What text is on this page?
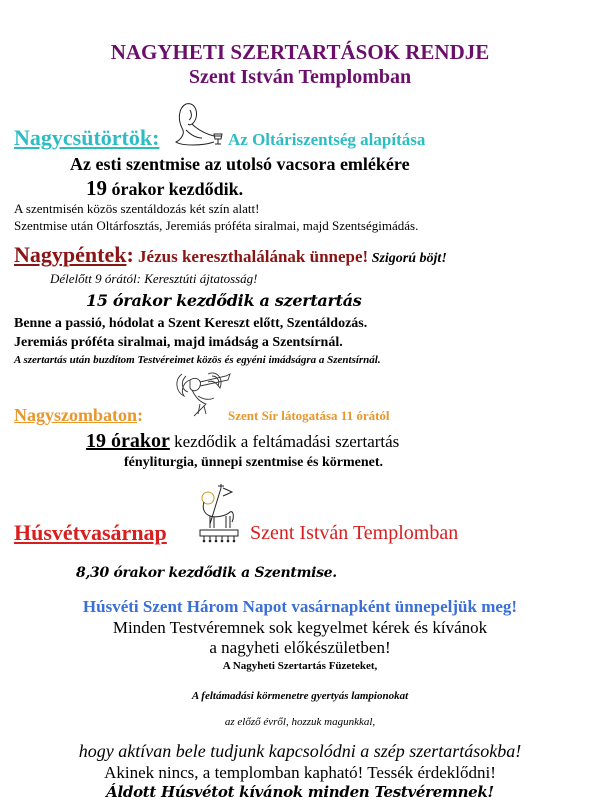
NAGYHETI SZERTARTÁSOK RENDJE
Szent István Templomban
Nagycsütörtök:	Az Oltáriszentség alapítása
Az esti szentmise az utolsó vacsora emlékére
19 órakor kezdődik.
A szentmisén közös szentáldozás két szín alatt!
Szentmise után Oltárfosztás, Jeremiás próféta siralmai, majd Szentségimádás.
Nagypéntek: Jézus kereszthalálának ünnepe! Szigorú böjt!
Délelőtt 9 órától: Keresztúti ájtatosság!
15 órakor kezdődik a szertartás
Benne a passió, hódolat a Szent Kereszt előtt, Szentáldozás.
Jeremiás próféta siralmai, majd imádság a Szentsírnál.
A szertartás után buzdítom Testvéreimet közös és egyéni imádságra a Szentsírnál.
Nagyszombaton:	Szent Sír látogatása 11 órától
19 órakor kezdődik a feltámadási szertartás
fényliturgia, ünnepi szentmise és körmenet.
Húsvétvasárnap	Szent István Templomban
8,30 órakor kezdődik a Szentmise.
Húsvéti Szent Három Napot vasárnapként ünnepeljük meg!
Minden Testvéremnek sok kegyelmet kérek és kívánok
a nagyheti előkészületben!
A Nagyheti Szertartás Füzeteket,
A feltámadási körmenetre gyertyás lampionokat
az előző évről, hozzuk magunkkal,
hogy aktívan bele tudjunk kapcsolódni a szép szertartásokba!
Akinek nincs, a templomban kapható! Tessék érdeklődni!
Áldott Húsvétot kívánok minden Testvéremnek!
